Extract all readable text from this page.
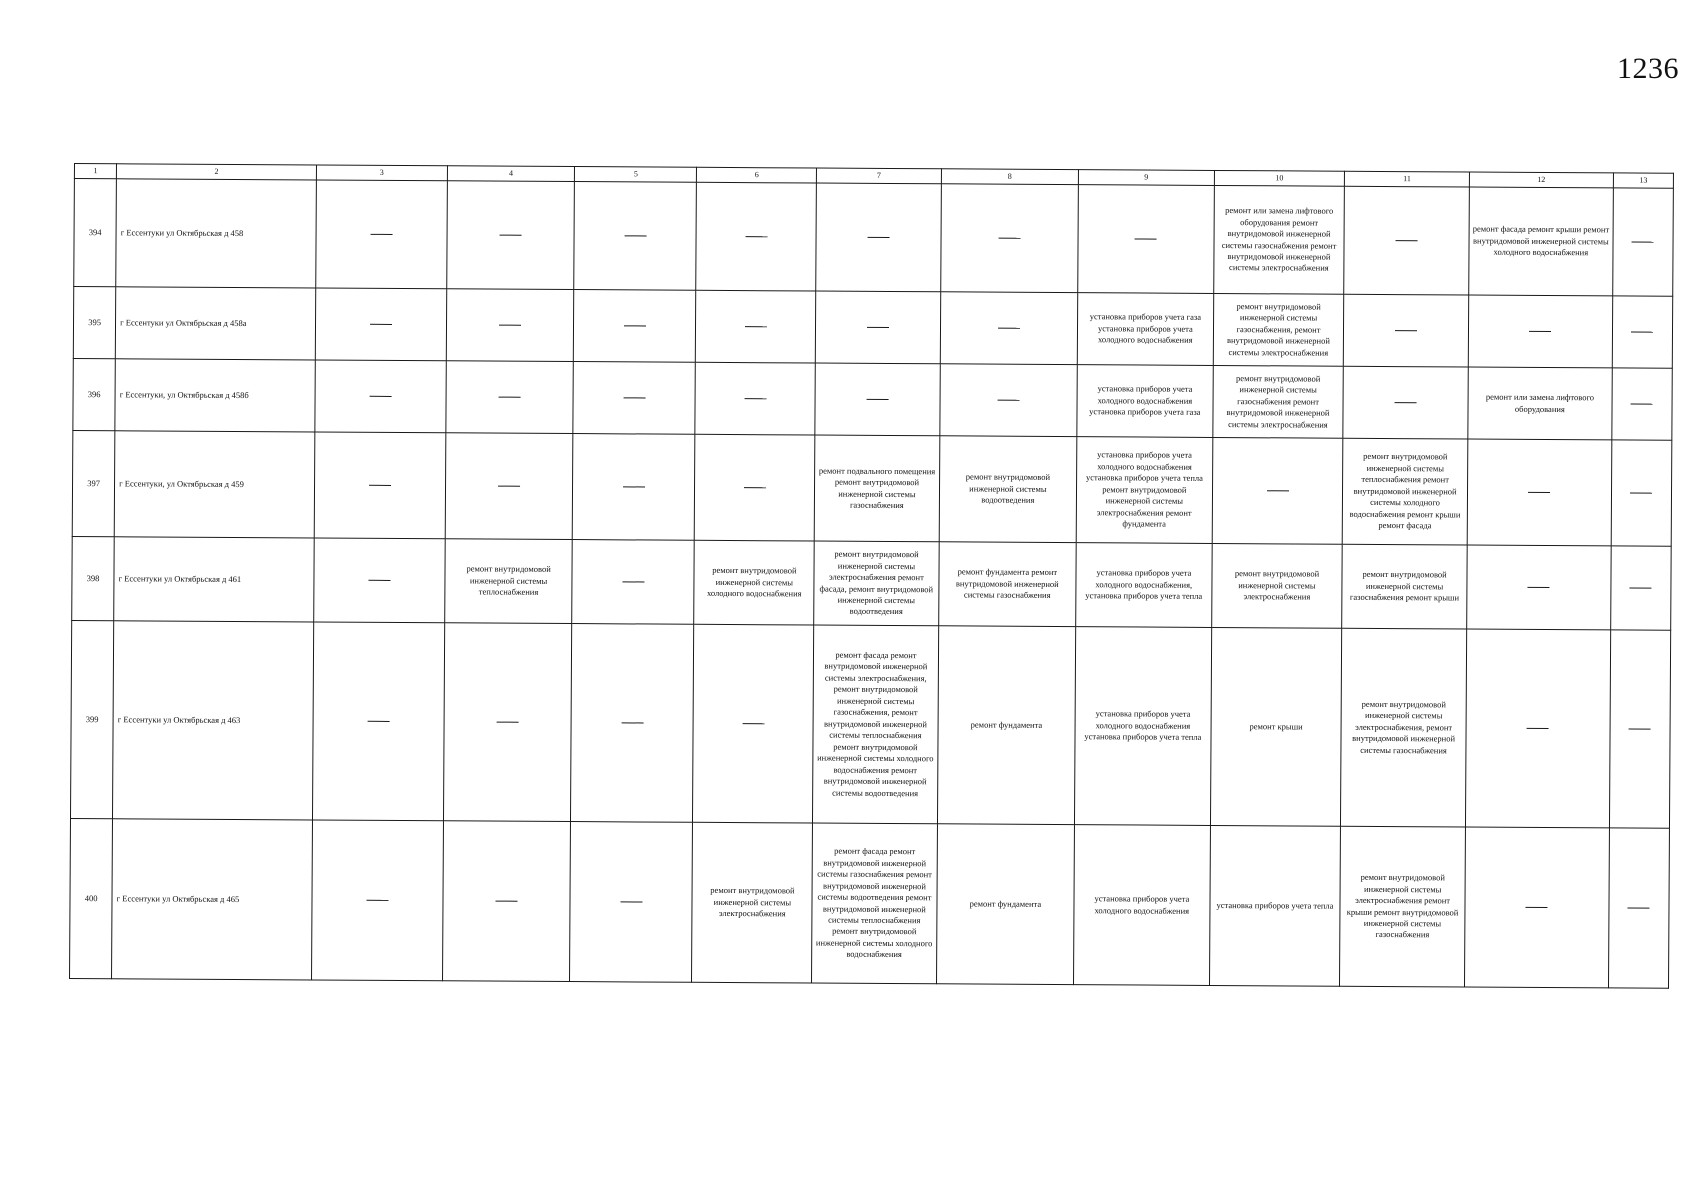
1236
1	2	3	4	5	6	7	8	9	10	11	12	13
394	г Ессентуки ул Октябрьская д 458								ремонт или замена лифтового оборудования ремонт внутридомовой инженерной системы газоснабжения ремонт внутридомовой инженерной системы электроснабжения		ремонт фасада ремонт крыши ремонт внутридомовой инженерной системы холодного водоснабжения	
395	г Ессентуки ул Октябрьская д 458а							установка приборов учета газа установка приборов учета холодного водоснабжения	ремонт внутридомовой инженерной системы газоснабжения, ремонт внутридомовой инженерной системы электроснабжения			
396	г Ессентуки, ул Октябрьская д 458б							установка приборов учета холодного водоснабжения установка приборов учета газа	ремонт внутридомовой инженерной системы газоснабжения ремонт внутридомовой инженерной системы электроснабжения		ремонт или замена лифтового оборудования	
397	г Ессентуки, ул Октябрьская д 459					ремонт подвального помещения ремонт внутридомовой инженерной системы газоснабжения	ремонт внутридомовой инженерной системы водоотведения	установка приборов учета холодного водоснабжения установка приборов учета тепла ремонт внутридомовой инженерной системы электроснабжения ремонт фундамента		ремонт внутридомовой инженерной системы теплоснабжения ремонт внутридомовой инженерной системы холодного водоснабжения ремонт крыши ремонт фасада		
398	г Ессентуки ул Октябрьская д 461		ремонт внутридомовой инженерной системы теплоснабжения		ремонт внутридомовой инженерной системы холодного водоснабжения	ремонт внутридомовой инженерной системы электроснабжения ремонт фасада, ремонт внутридомовой инженерной системы водоотведения	ремонт фундамента ремонт внутридомовой инженерной системы газоснабжения	установка приборов учета холодного водоснабжения, установка приборов учета тепла	ремонт внутридомовой инженерной системы электроснабжения	ремонт внутридомовой инженерной системы газоснабжения ремонт крыши		
399	г Ессентуки ул Октябрьская д 463					ремонт фасада ремонт внутридомовой инженерной системы электроснабжения, ремонт внутридомовой инженерной системы газоснабжения, ремонт внутридомовой инженерной системы теплоснабжения ремонт внутридомовой инженерной системы холодного водоснабжения ремонт внутридомовой инженерной системы водоотведения	ремонт фундамента	установка приборов учета холодного водоснабжения установка приборов учета тепла	ремонт крыши	ремонт внутридомовой инженерной системы электроснабжения, ремонт внутридомовой инженерной системы газоснабжения		
400	г Ессентуки ул Октябрьская д 465				ремонт внутридомовой инженерной системы электроснабжения	ремонт фасада ремонт внутридомовой инженерной системы газоснабжения ремонт внутридомовой инженерной системы водоотведения ремонт внутридомовой инженерной системы теплоснабжения ремонт внутридомовой инженерной системы холодного водоснабжения	ремонт фундамента	установка приборов учета холодного водоснабжения	установка приборов учета тепла	ремонт внутридомовой инженерной системы электроснабжения ремонт крыши ремонт внутридомовой инженерной системы газоснабжения		
